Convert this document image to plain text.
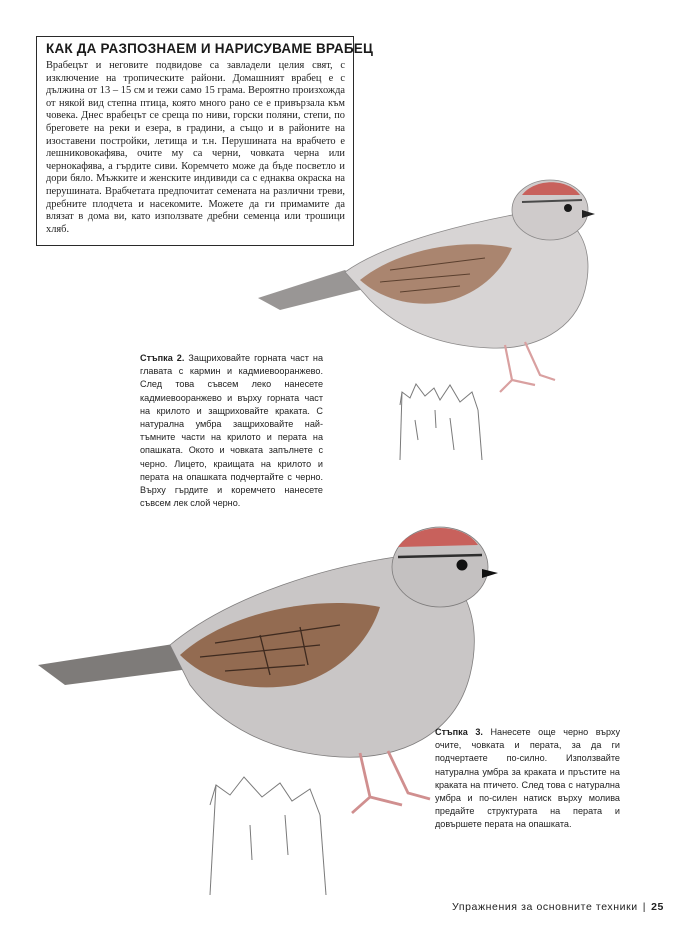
КАК ДА РАЗПОЗНАЕМ И НАРИСУВАМЕ ВРАБЕЦ

Врабецът и неговите подвидове са завладели целия свят, с изключение на тропическите райони. Домашният врабец е с дължина от 13 – 15 см и тежи само 15 грама. Вероятно произхожда от някой вид степна птица, която много рано се е привързала към човека. Днес врабецът се среща по ниви, горски поляни, степи, по бреговете на реки и езера, в градини, а също и в районите на изоставени постройки, летища и т.н. Перушината на врабчето е лешниковокафява, очите му са черни, човката черна или чернокафява, а гърдите сиви. Коремчето може да бъде посветло и дори бяло. Мъжките и женските индивиди са с еднаква окраска на перушината. Врабчетата предпочитат семената на различни треви, дребните плодчета и насекомите. Можете да ги примамите да влязат в дома ви, като използвате дребни семенца или трошици хляб.

Стъпка 2. Защриховайте горната част на главата с кармин и кадмиевооранжево. След това съвсем леко нанесете кадмиевооранжево и върху горната част на крилото и защриховайте краката. С натурална умбра защриховайте най-тъмните части на крилото и перата на опашката. Окото и човката запълнете с черно. Лицето, краищата на крилото и перата на опашката подчертайте с черно. Върху гърдите и коремчето нанесете съвсем лек слой черно.
Стъпка 3. Нанесете още черно върху очите, човката и перата, за да ги подчертаете по-силно. Използвайте натурална умбра за краката и пръстите на краката на птичето. След това с натурална умбра и по-силен натиск върху молива предайте структурата на перата и довършете перата на опашката.
Упражнения за основните техники | 25
